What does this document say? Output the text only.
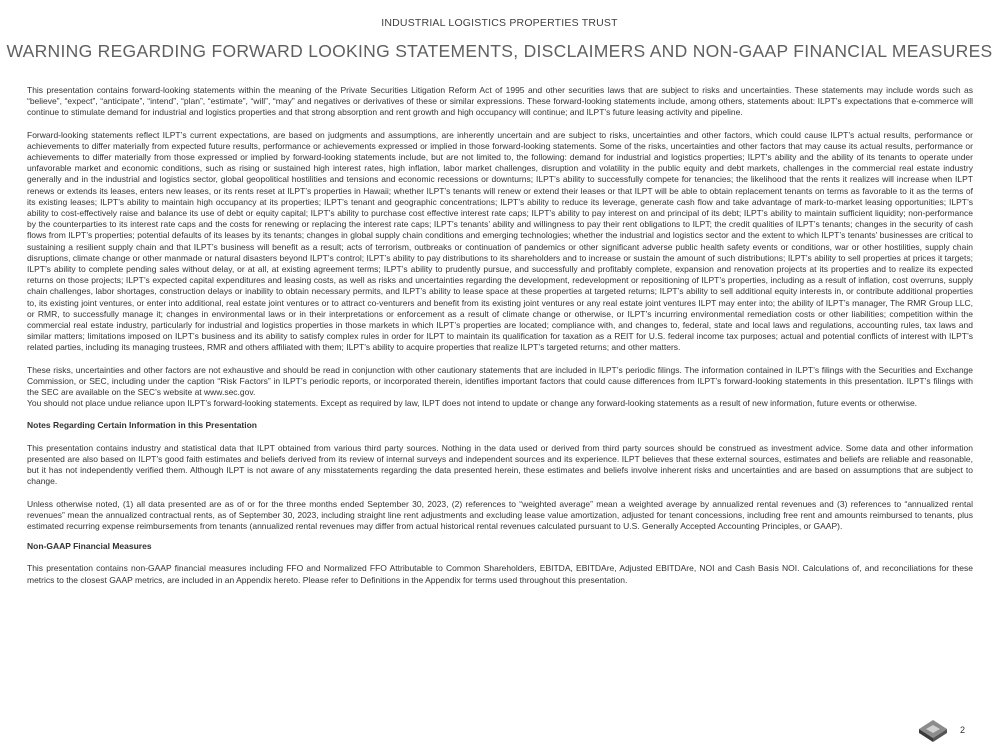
INDUSTRIAL LOGISTICS PROPERTIES TRUST
WARNING REGARDING FORWARD LOOKING STATEMENTS, DISCLAIMERS AND NON-GAAP FINANCIAL MEASURES

This presentation contains forward-looking statements within the meaning of the Private Securities Litigation Reform Act of 1995 and other securities laws that are subject to risks and uncertainties. These statements may include words such as “believe”, “expect”, “anticipate”, “intend”, “plan”, “estimate”, “will”, “may” and negatives or derivatives of these or similar expressions. These forward-looking statements include, among others, statements about: ILPT’s expectations that e-commerce will continue to stimulate demand for industrial and logistics properties and that strong absorption and rent growth and high occupancy will continue; and ILPT’s future leasing activity and pipeline.

Forward-looking statements reflect ILPT’s current expectations, are based on judgments and assumptions, are inherently uncertain and are subject to risks, uncertainties and other factors, which could cause ILPT’s actual results, performance or achievements to differ materially from expected future results, performance or achievements expressed or implied in those forward-looking statements. Some of the risks, uncertainties and other factors that may cause its actual results, performance or achievements to differ materially from those expressed or implied by forward-looking statements include, but are not limited to, the following: demand for industrial and logistics properties; ILPT’s ability and the ability of its tenants to operate under unfavorable market and economic conditions, such as rising or sustained high interest rates, high inflation, labor market challenges, disruption and volatility in the public equity and debt markets, challenges in the commercial real estate industry generally and in the industrial and logistics sector, global geopolitical hostilities and tensions and economic recessions or downturns; ILPT’s ability to successfully compete for tenancies; the likelihood that the rents it realizes will increase when ILPT renews or extends its leases, enters new leases, or its rents reset at ILPT’s properties in Hawaii; whether ILPT’s tenants will renew or extend their leases or that ILPT will be able to obtain replacement tenants on terms as favorable to it as the terms of its existing leases; ILPT’s ability to maintain high occupancy at its properties; ILPT’s tenant and geographic concentrations; ILPT’s ability to reduce its leverage, generate cash flow and take advantage of mark-to-market leasing opportunities; ILPT’s ability to cost-effectively raise and balance its use of debt or equity capital; ILPT’s ability to purchase cost effective interest rate caps; ILPT’s ability to pay interest on and principal of its debt; ILPT’s ability to maintain sufficient liquidity; non-performance by the counterparties to its interest rate caps and the costs for renewing or replacing the interest rate caps; ILPT’s tenants’ ability and willingness to pay their rent obligations to ILPT; the credit qualities of ILPT’s tenants; changes in the security of cash flows from ILPT’s properties; potential defaults of its leases by its tenants; changes in global supply chain conditions and emerging technologies; whether the industrial and logistics sector and the extent to which ILPT’s tenants’ businesses are critical to sustaining a resilient supply chain and that ILPT’s business will benefit as a result; acts of terrorism, outbreaks or continuation of pandemics or other significant adverse public health safety events or conditions, war or other hostilities, supply chain disruptions, climate change or other manmade or natural disasters beyond ILPT’s control; ILPT’s ability to pay distributions to its shareholders and to increase or sustain the amount of such distributions; ILPT’s ability to sell properties at prices it targets; ILPT’s ability to complete pending sales without delay, or at all, at existing agreement terms; ILPT’s ability to prudently pursue, and successfully and profitably complete, expansion and renovation projects at its properties and to realize its expected returns on those projects; ILPT’s expected capital expenditures and leasing costs, as well as risks and uncertainties regarding the development, redevelopment or repositioning of ILPT’s properties, including as a result of inflation, cost overruns, supply chain challenges, labor shortages, construction delays or inability to obtain necessary permits, and ILPT’s ability to lease space at these properties at targeted returns; ILPT’s ability to sell additional equity interests in, or contribute additional properties to, its existing joint ventures, or enter into additional, real estate joint ventures or to attract co-venturers and benefit from its existing joint ventures or any real estate joint ventures ILPT may enter into; the ability of ILPT’s manager, The RMR Group LLC, or RMR, to successfully manage it; changes in environmental laws or in their interpretations or enforcement as a result of climate change or otherwise, or ILPT’s incurring environmental remediation costs or other liabilities; competition within the commercial real estate industry, particularly for industrial and logistics properties in those markets in which ILPT’s properties are located; compliance with, and changes to, federal, state and local laws and regulations, accounting rules, tax laws and similar matters; limitations imposed on ILPT’s business and its ability to satisfy complex rules in order for ILPT to maintain its qualification for taxation as a REIT for U.S. federal income tax purposes; actual and potential conflicts of interest with ILPT’s related parties, including its managing trustees, RMR and others affiliated with them; ILPT’s ability to acquire properties that realize ILPT’s targeted returns; and other matters.

These risks, uncertainties and other factors are not exhaustive and should be read in conjunction with other cautionary statements that are included in ILPT’s periodic filings. The information contained in ILPT’s filings with the Securities and Exchange Commission, or SEC, including under the caption “Risk Factors” in ILPT’s periodic reports, or incorporated therein, identifies important factors that could cause differences from ILPT’s forward-looking statements in this presentation. ILPT’s filings with the SEC are available on the SEC’s website at www.sec.gov.

You should not place undue reliance upon ILPT’s forward-looking statements. Except as required by law, ILPT does not intend to update or change any forward-looking statements as a result of new information, future events or otherwise.

Notes Regarding Certain Information in this Presentation

This presentation contains industry and statistical data that ILPT obtained from various third party sources. Nothing in the data used or derived from third party sources should be construed as investment advice. Some data and other information presented are also based on ILPT’s good faith estimates and beliefs derived from its review of internal surveys and independent sources and its experience. ILPT believes that these external sources, estimates and beliefs are reliable and reasonable, but it has not independently verified them. Although ILPT is not aware of any misstatements regarding the data presented herein, these estimates and beliefs involve inherent risks and uncertainties and are based on assumptions that are subject to change.

Unless otherwise noted, (1) all data presented are as of or for the three months ended September 30, 2023, (2) references to “weighted average” mean a weighted average by annualized rental revenues and (3) references to “annualized rental revenues” mean the annualized contractual rents, as of September 30, 2023, including straight line rent adjustments and excluding lease value amortization, adjusted for tenant concessions, including free rent and amounts reimbursed to tenants, plus estimated recurring expense reimbursements from tenants (annualized rental revenues may differ from actual historical rental revenues calculated pursuant to U.S. Generally Accepted Accounting Principles, or GAAP).

Non-GAAP Financial Measures

This presentation contains non-GAAP financial measures including FFO and Normalized FFO Attributable to Common Shareholders, EBITDA, EBITDAre, Adjusted EBITDAre, NOI and Cash Basis NOI. Calculations of, and reconciliations for these metrics to the closest GAAP metrics, are included in an Appendix hereto. Please refer to Definitions in the Appendix for terms used throughout this presentation.

2
